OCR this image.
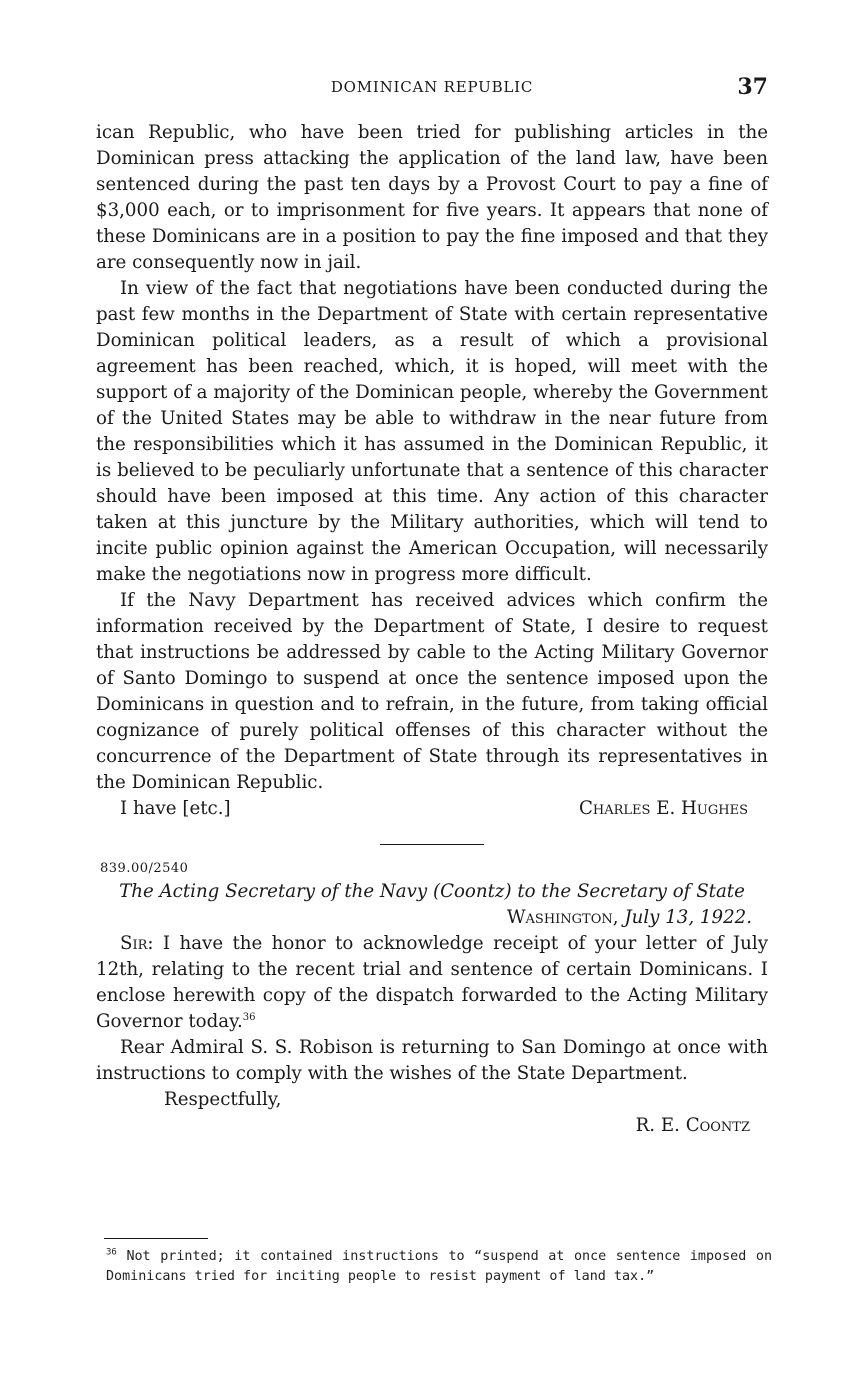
DOMINICAN REPUBLIC	37

ican Republic, who have been tried for publishing articles in the Dominican press attacking the application of the land law, have been sentenced during the past ten days by a Provost Court to pay a fine of $3,000 each, or to imprisonment for five years. It appears that none of these Dominicans are in a position to pay the fine imposed and that they are consequently now in jail.

In view of the fact that negotiations have been conducted during the past few months in the Department of State with certain representative Dominican political leaders, as a result of which a provisional agreement has been reached, which, it is hoped, will meet with the support of a majority of the Dominican people, whereby the Government of the United States may be able to withdraw in the near future from the responsibilities which it has assumed in the Dominican Republic, it is believed to be peculiarly unfortunate that a sentence of this character should have been imposed at this time. Any action of this character taken at this juncture by the Military authorities, which will tend to incite public opinion against the American Occupation, will necessarily make the negotiations now in progress more difficult.

If the Navy Department has received advices which confirm the information received by the Department of State, I desire to request that instructions be addressed by cable to the Acting Military Governor of Santo Domingo to suspend at once the sentence imposed upon the Dominicans in question and to refrain, in the future, from taking official cognizance of purely political offenses of this character without the concurrence of the Department of State through its representatives in the Dominican Republic.

I have [etc.]	Charles E. Hughes
839.00/2540

The Acting Secretary of the Navy (Coontz) to the Secretary of State

Washington, July 13, 1922.

Sir: I have the honor to acknowledge receipt of your letter of July 12th, relating to the recent trial and sentence of certain Dominicans. I enclose herewith copy of the dispatch forwarded to the Acting Military Governor today.$^{36}$

Rear Admiral S. S. Robison is returning to San Domingo at once with instructions to comply with the wishes of the State Department.

Respectfully,

R. E. Coontz

$^{36}$ Not printed; it contained instructions to “suspend at once sentence imposed on Dominicans tried for inciting people to resist payment of land tax.”
